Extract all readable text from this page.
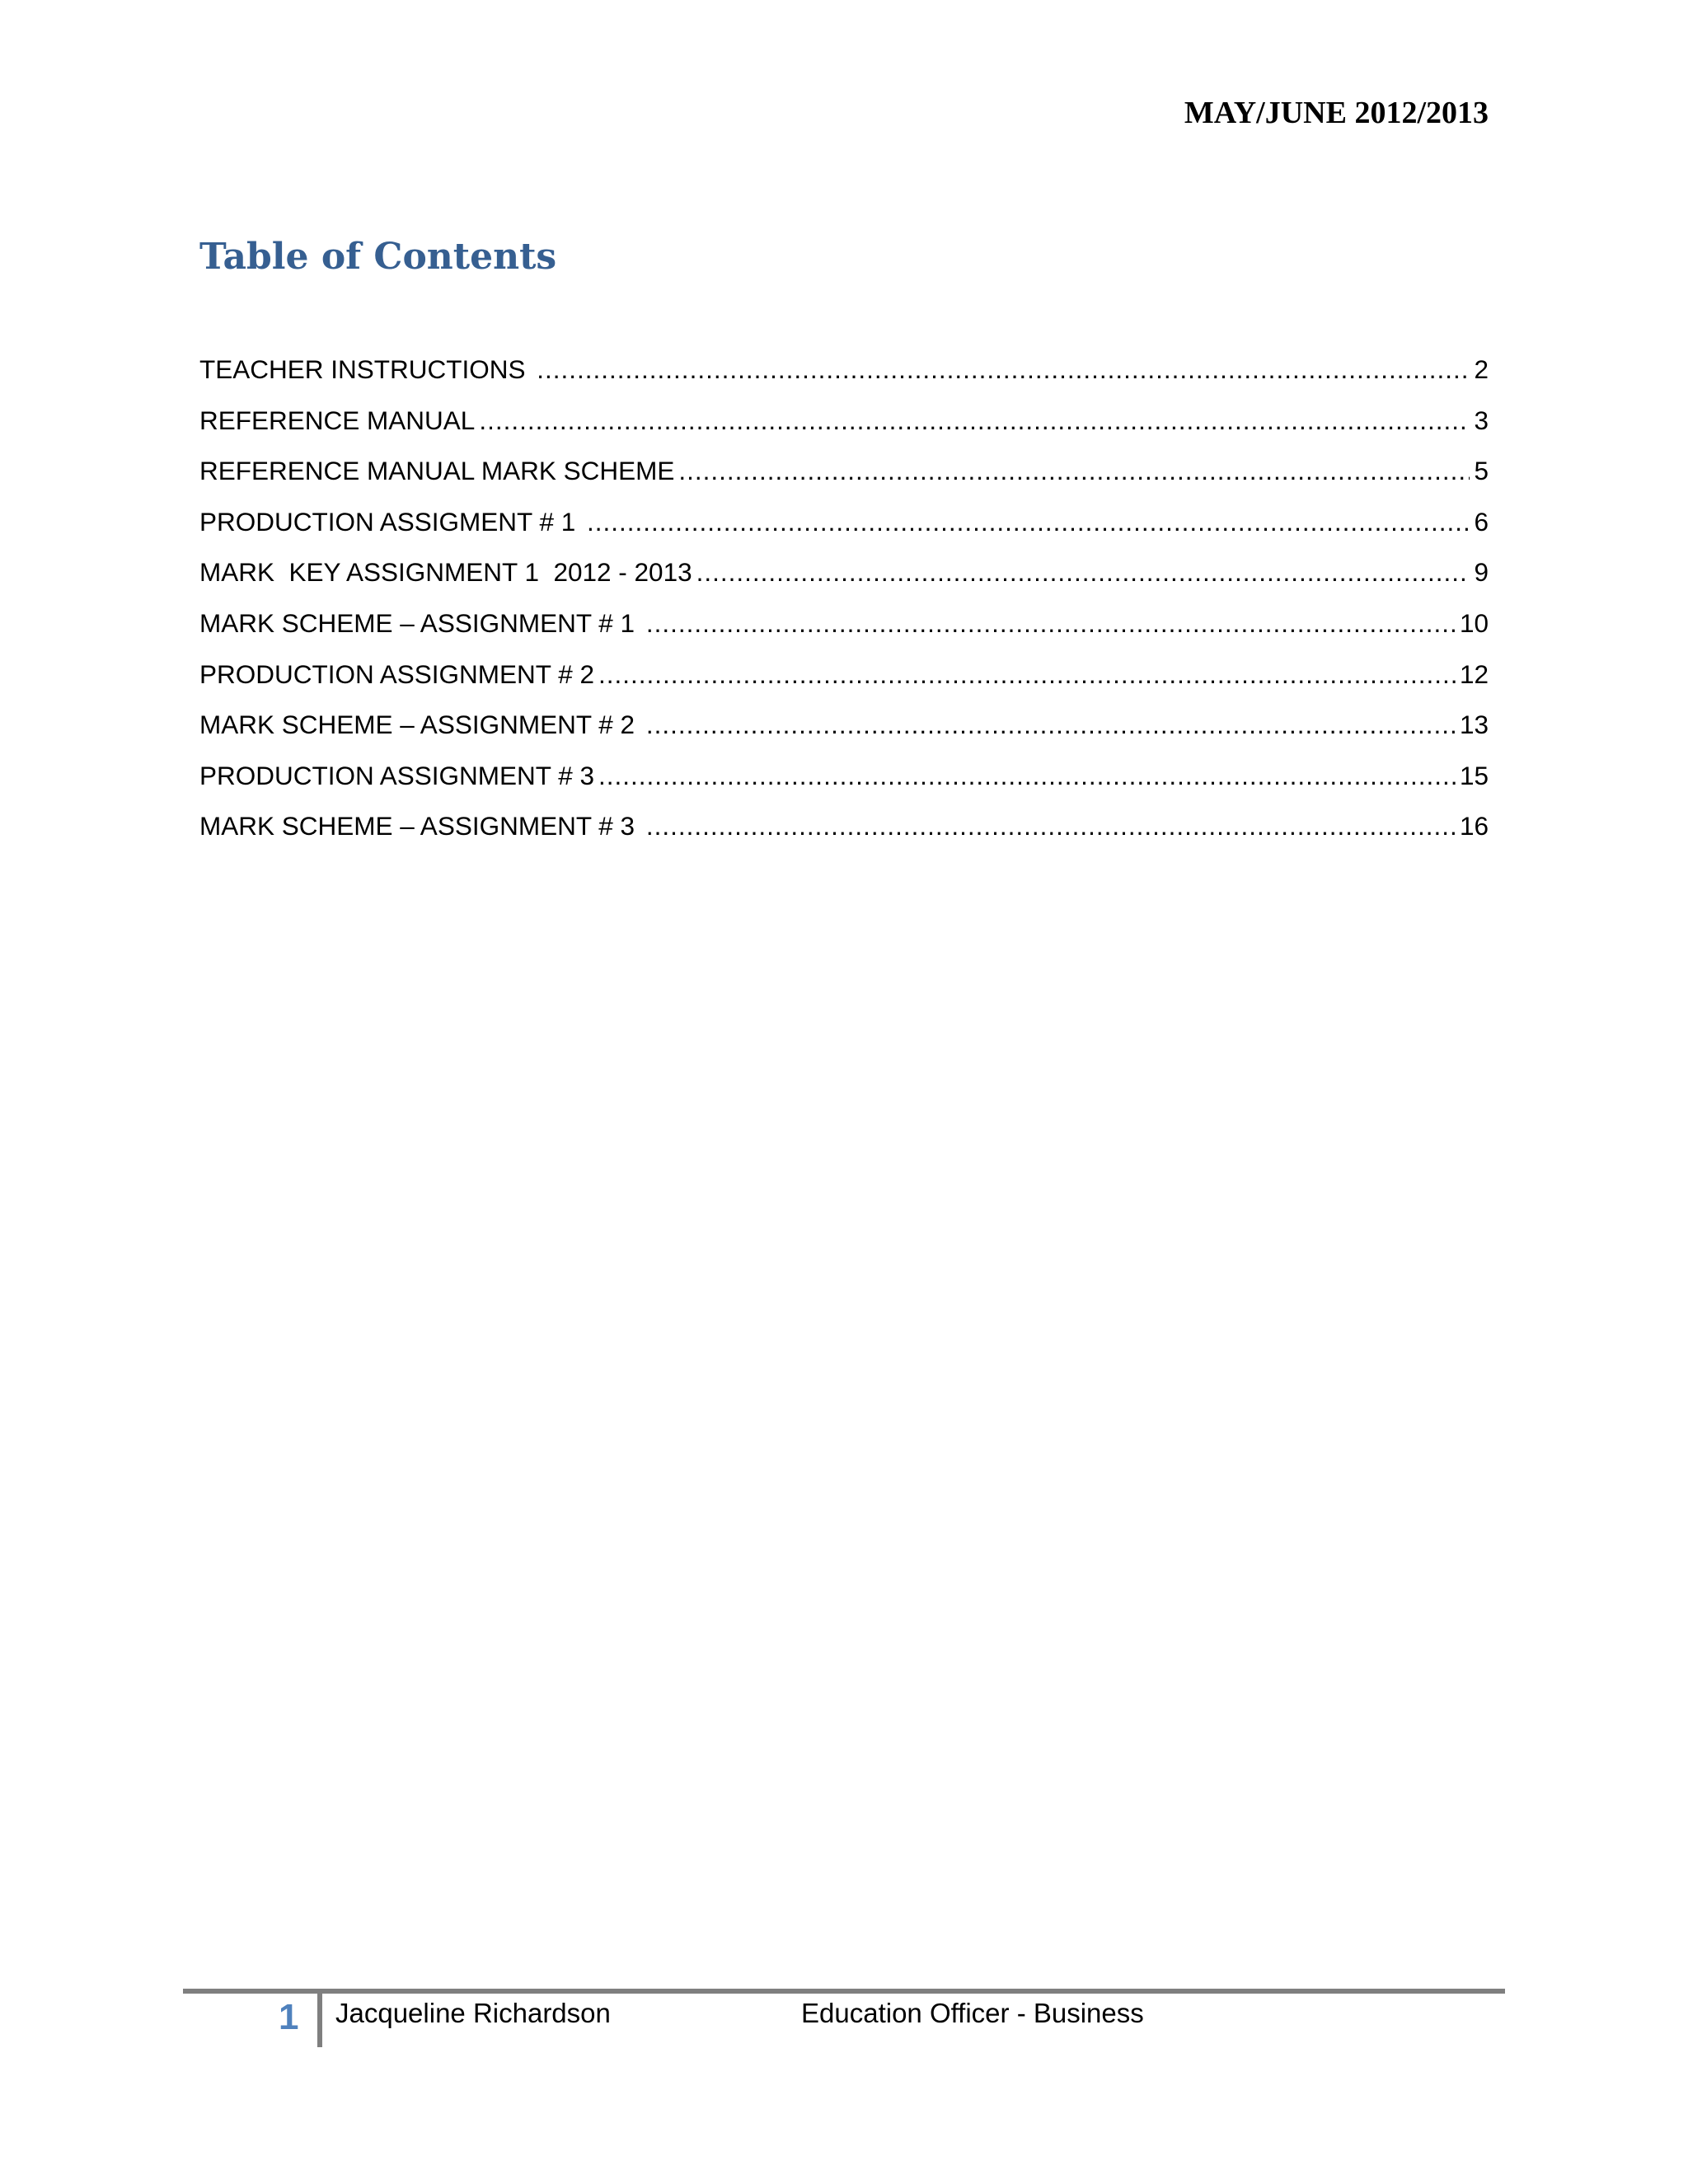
MAY/JUNE 2012/2013
Table of Contents
TEACHER INSTRUCTIONS .....	2
REFERENCE MANUAL .....	3
REFERENCE MANUAL MARK SCHEME .....	5
PRODUCTION ASSIGMENT # 1 .....	6
MARK  KEY ASSIGNMENT 1  2012 - 2013 .....	9
MARK SCHEME – ASSIGNMENT # 1 .....	10
PRODUCTION ASSIGNMENT # 2 .....	12
MARK SCHEME – ASSIGNMENT # 2 .....	13
PRODUCTION ASSIGNMENT # 3 .....	15
MARK SCHEME – ASSIGNMENT # 3 .....	16
1 Jacqueline Richardson	Education Officer - Business
